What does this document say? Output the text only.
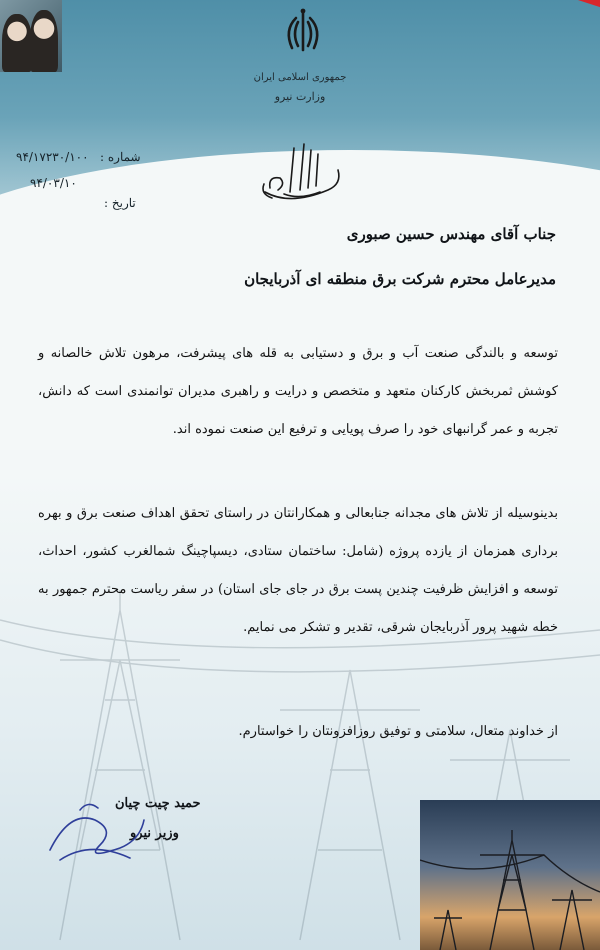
جمهوری اسلامی ایران
وزارت نیرو
۹۴/۱۷۲۳۰/۱۰۰ شماره :
۹۴/۰۳/۱۰
تاریخ :
جناب آقای مهندس حسین صبوری
مدیرعامل محترم شرکت برق منطقه ای آذربایجان
توسعه و بالندگی صنعت آب و برق و دستیابی به قله های پیشرفت، مرهون تلاش خالصانه و کوشش ثمربخش کارکنان متعهد و متخصص و درایت و راهبری مدیران توانمندی است که دانش، تجربه و عمر گرانبهای خود را صرف پویایی و ترفیع این صنعت نموده اند.
بدینوسیله از تلاش های مجدانه جنابعالی و همکارانتان در راستای تحقق اهداف صنعت برق و بهره برداری همزمان از یازده پروژه (شامل: ساختمان ستادی، دیسپاچینگ شمالغرب کشور، احداث، توسعه و افزایش ظرفیت چندین پست برق در جای جای استان) در سفر ریاست محترم جمهور به خطه شهید پرور آذربایجان شرقی، تقدیر و تشکر می نمایم.
از خداوند متعال، سلامتی و توفیق روزافزونتان را خواستارم.
حمید چیت چیان
وزیر نیرو
